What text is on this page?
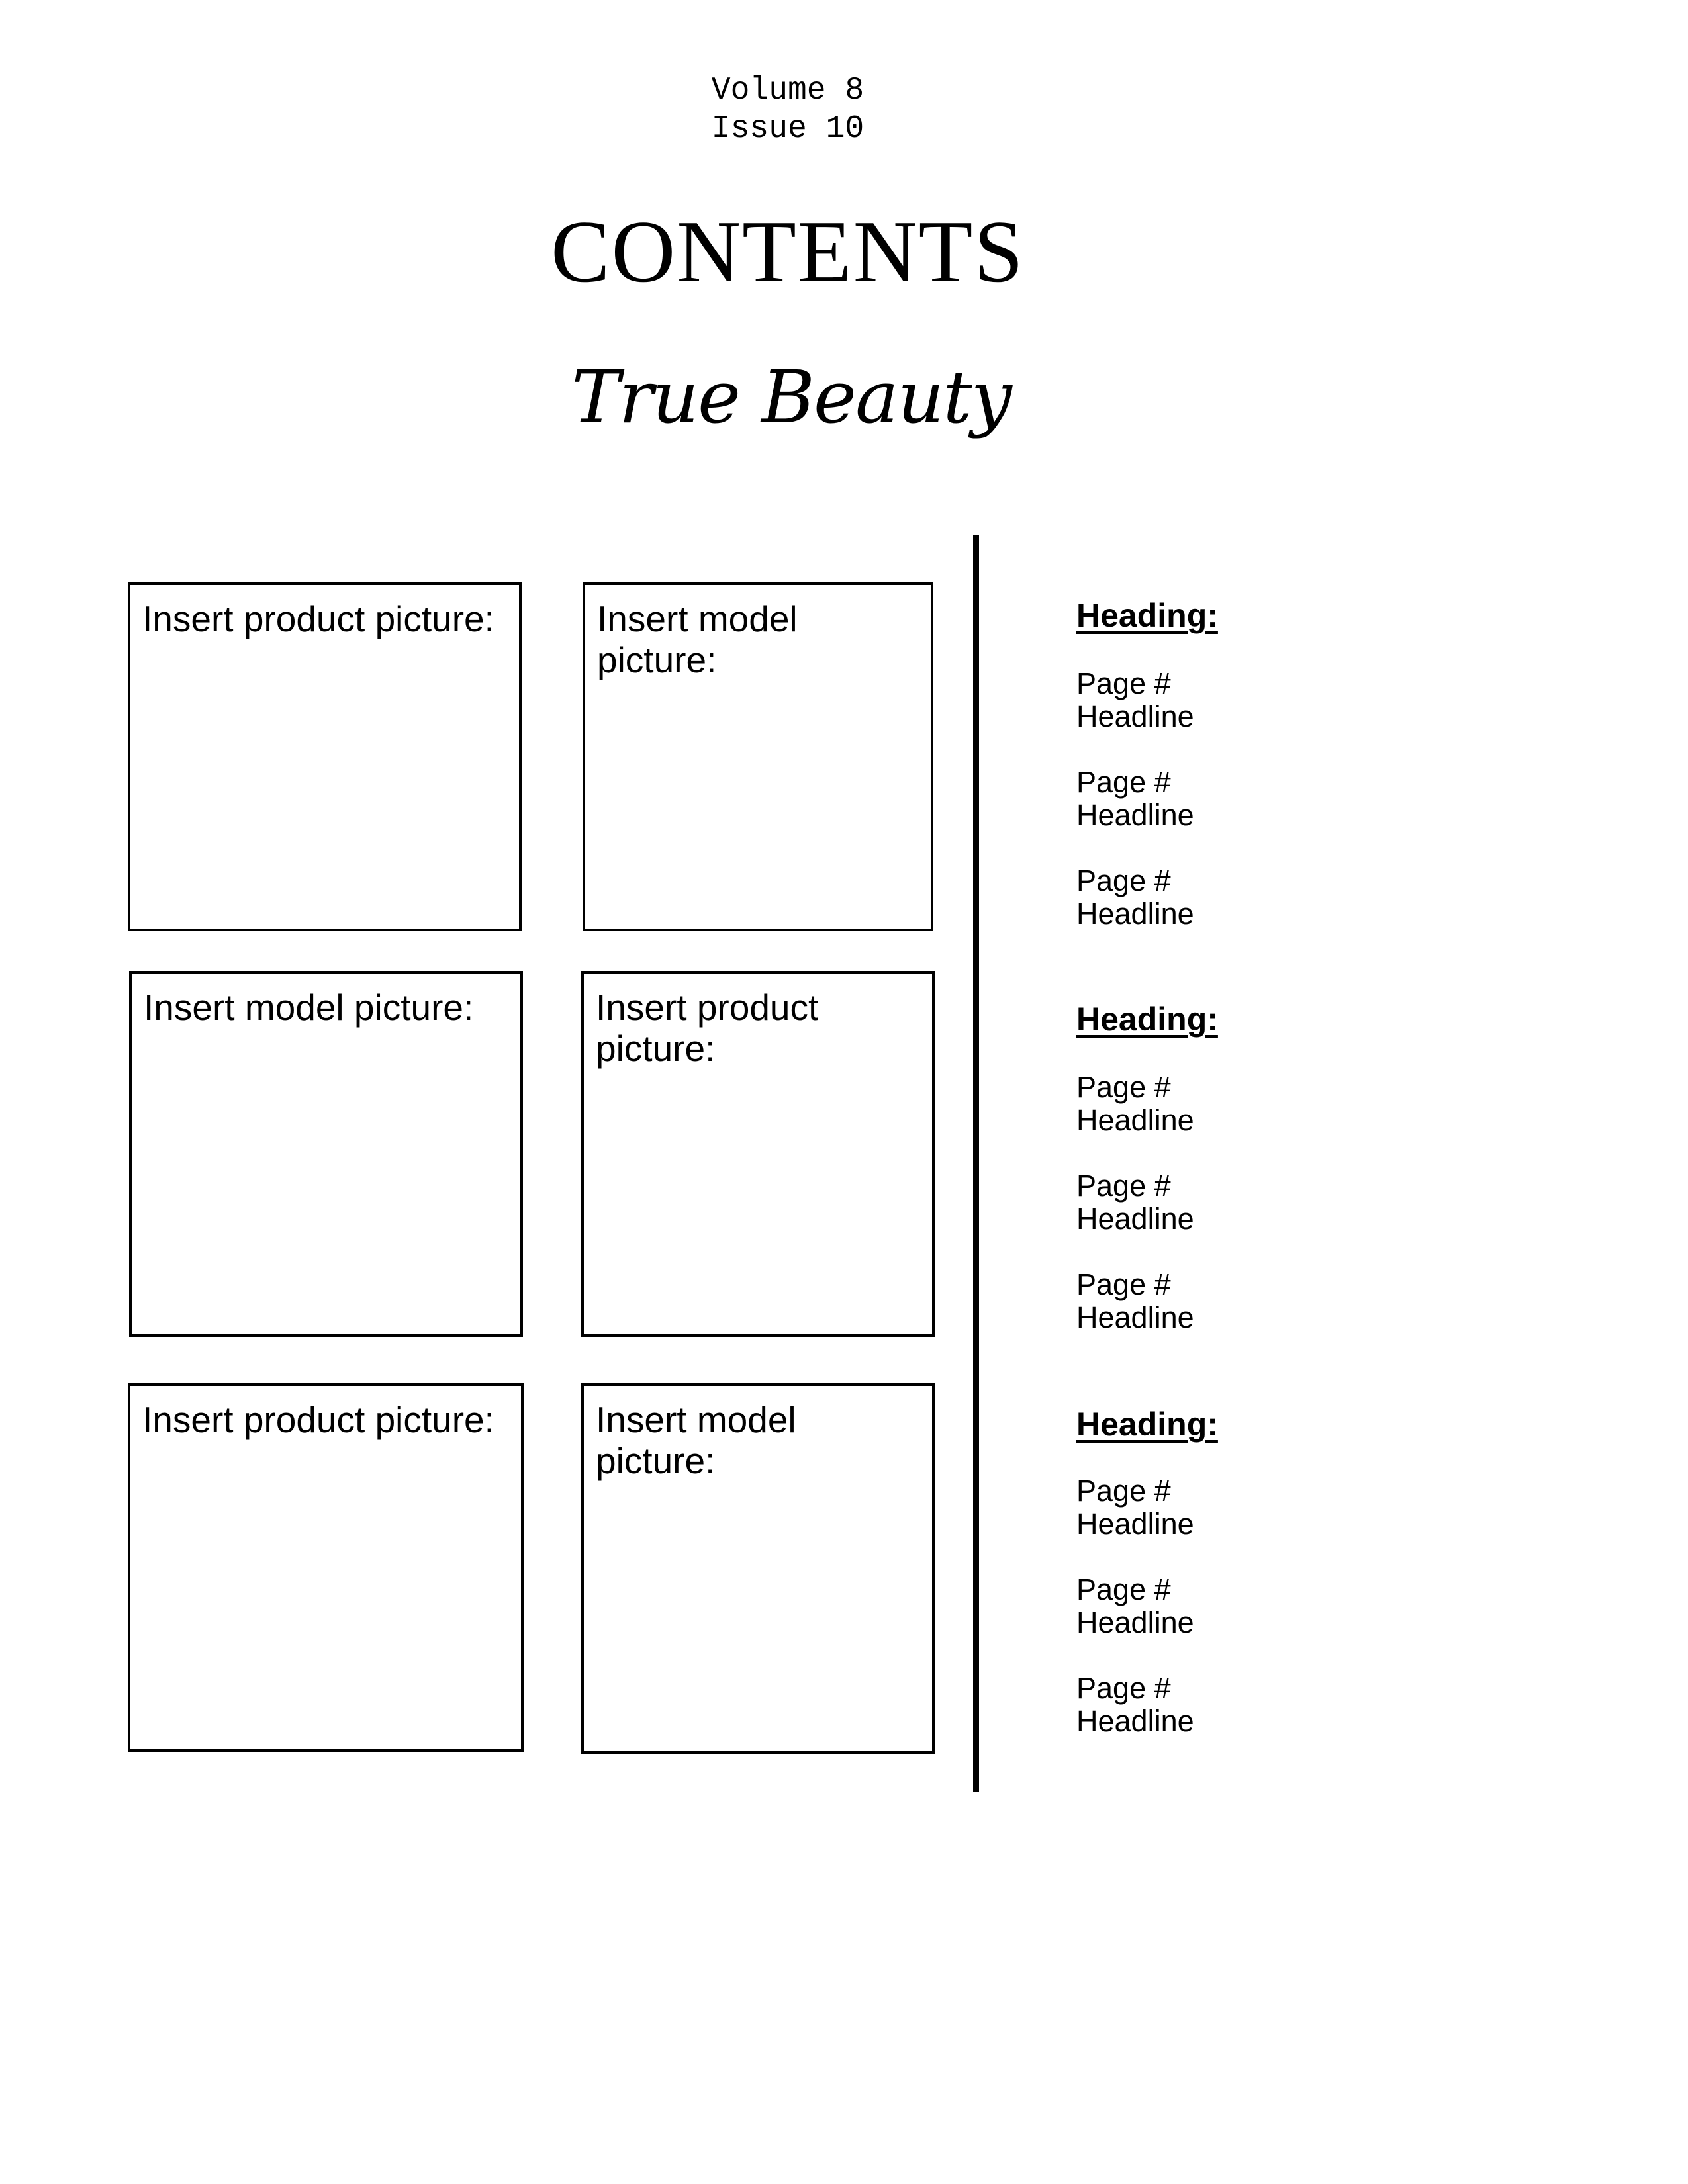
Volume 8
Issue 10
CONTENTS
True Beauty
Insert product picture:	Insert model picture:
Insert model picture:	Insert product picture:
Insert product picture:	Insert model picture:
Heading:
Page #
Headline
Page #
Headline
Page #
Headline
Heading:
Page #
Headline
Page #
Headline
Page #
Headline
Heading:
Page #
Headline
Page #
Headline
Page #
Headline
